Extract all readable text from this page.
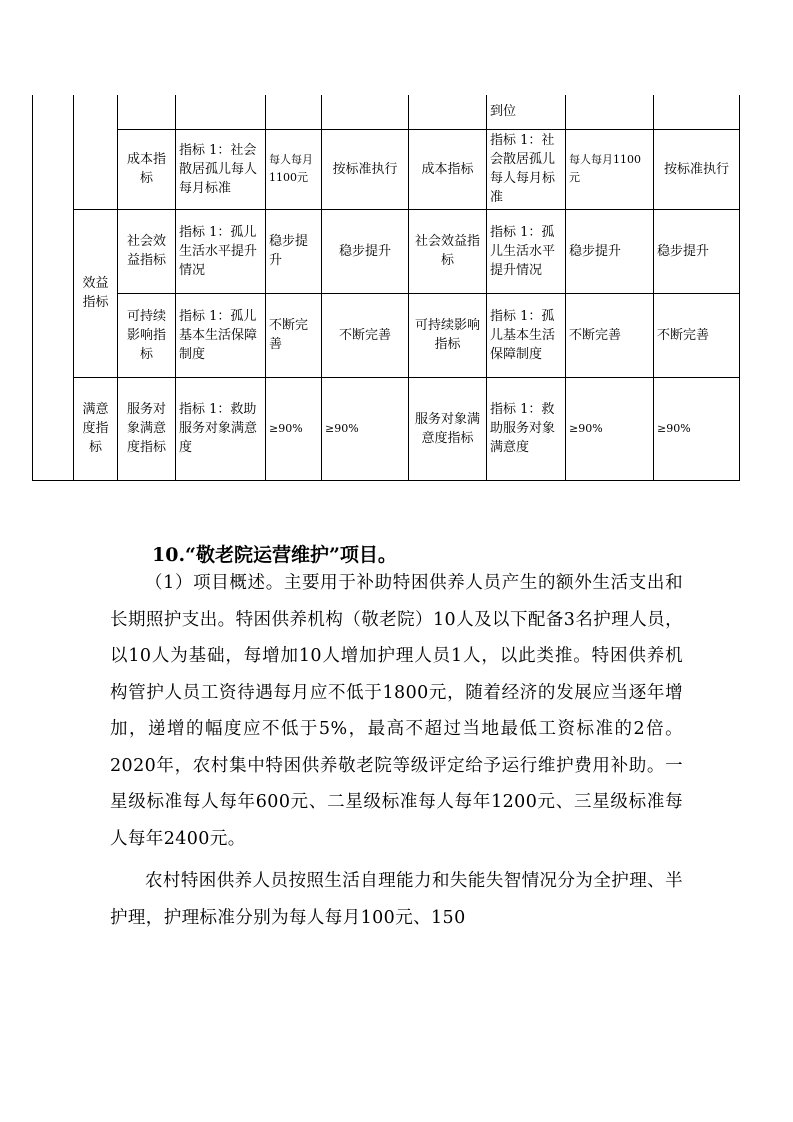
							到位		
		成本指标	指标 1：社会散居孤儿每人每月标准	每人每月1100元	按标准执行	成本指标	指标 1：社会散居孤儿每人每月标准	每人每月1100元	按标准执行
	效益指标	社会效益指标	指标 1：孤儿生活水平提升情况	稳步提升	稳步提升	社会效益指标	指标 1：孤儿生活水平提升情况	稳步提升	稳步提升
		可持续影响指标	指标 1：孤儿基本生活保障制度	不断完善	不断完善	可持续影响指标	指标 1：孤儿基本生活保障制度	不断完善	不断完善
	满意度指标	服务对象满意度指标	指标 1：救助服务对象满意度	≥90%	≥90%	服务对象满意度指标	指标 1：救助服务对象满意度	≥90%	≥90%
10.“敬老院运营维护”项目。

（1）项目概述。主要用于补助特困供养人员产生的额外生活支出和长期照护支出。特困供养机构（敬老院）10人及以下配备3名护理人员，以10人为基础，每增加10人增加护理人员1人，以此类推。特困供养机构管护人员工资待遇每月应不低于1800元，随着经济的发展应当逐年增加，递增的幅度应不低于5%，最高不超过当地最低工资标准的2倍。2020年，农村集中特困供养敬老院等级评定给予运行维护费用补助。一星级标准每人每年600元、二星级标准每人每年1200元、三星级标准每人每年2400元。

农村特困供养人员按照生活自理能力和失能失智情况分为全护理、半护理，护理标准分别为每人每月100元、150
